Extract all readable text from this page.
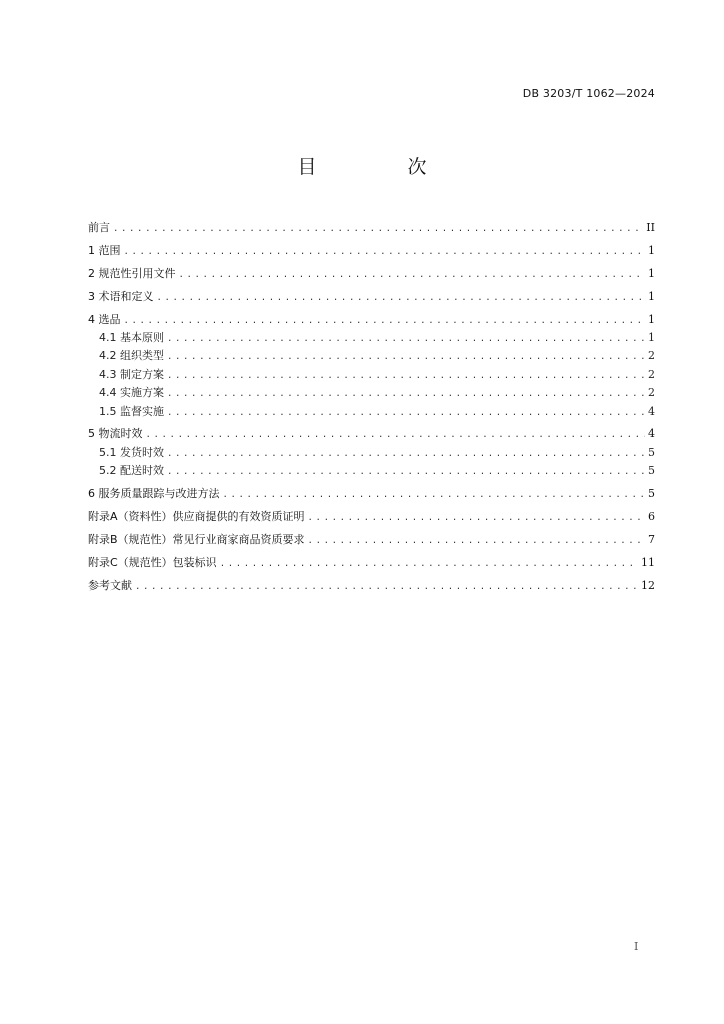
DB 3203/T 1062—2024
目　次
前言 .....	II
1 范围 .....	1
2 规范性引用文件 .....	1
3 术语和定义 .....	1
4 选品 .....	1
4.1 基本原则 .....	1
4.2 组织类型 .....	2
4.3 制定方案 .....	2
4.4 实施方案 .....	2
1.5 监督实施 .....	4
5 物流时效 .....	4
5.1 发货时效 .....	5
5.2 配送时效 .....	5
6 服务质量跟踪与改进方法 .....	5
附录A（资料性）供应商提供的有效资质证明 .....	6
附录B（规范性）常见行业商家商品资质要求 .....	7
附录C（规范性）包装标识 .....	11
参考文献 .....	12
I
